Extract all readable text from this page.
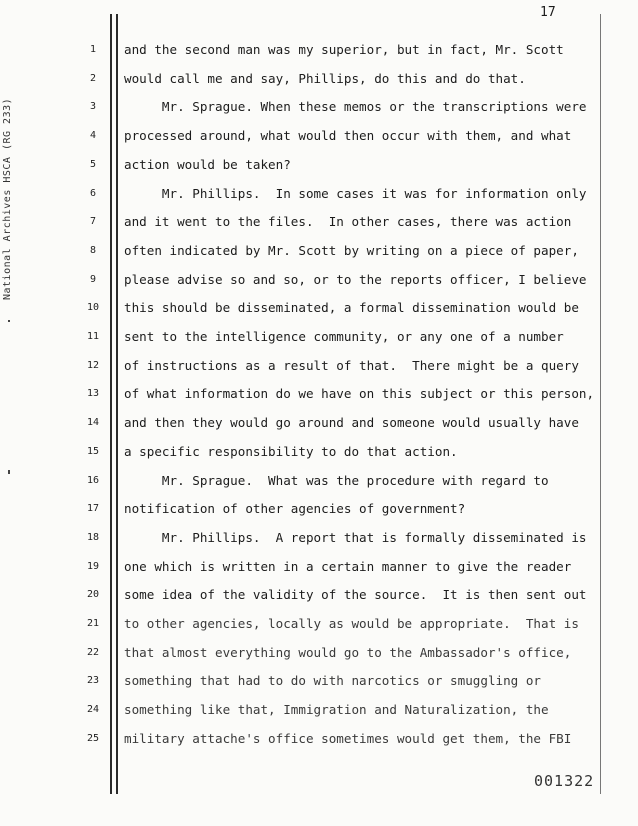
National Archives HSCA (RG 233)
17
1	and the second man was my superior, but in fact, Mr. Scott
2	would call me and say, Phillips, do this and do that.
3	Mr. Sprague. When these memos or the transcriptions were
4	processed around, what would then occur with them, and what
5	action would be taken?
6	Mr. Phillips.  In some cases it was for information only
7	and it went to the files.  In other cases, there was action
8	often indicated by Mr. Scott by writing on a piece of paper,
9	please advise so and so, or to the reports officer, I believe
10	this should be disseminated, a formal dissemination would be
11	sent to the intelligence community, or any one of a number
12	of instructions as a result of that.  There might be a query
13	of what information do we have on this subject or this person,
14	and then they would go around and someone would usually have
15	a specific responsibility to do that action.
16	Mr. Sprague.  What was the procedure with regard to
17	notification of other agencies of government?
18	Mr. Phillips.  A report that is formally disseminated is
19	one which is written in a certain manner to give the reader
20	some idea of the validity of the source.  It is then sent out
21	to other agencies, locally as would be appropriate.  That is
22	that almost everything would go to the Ambassador's office,
23	something that had to do with narcotics or smuggling or
24	something like that, Immigration and Naturalization, the
25	military attache's office sometimes would get them, the FBI
001322
